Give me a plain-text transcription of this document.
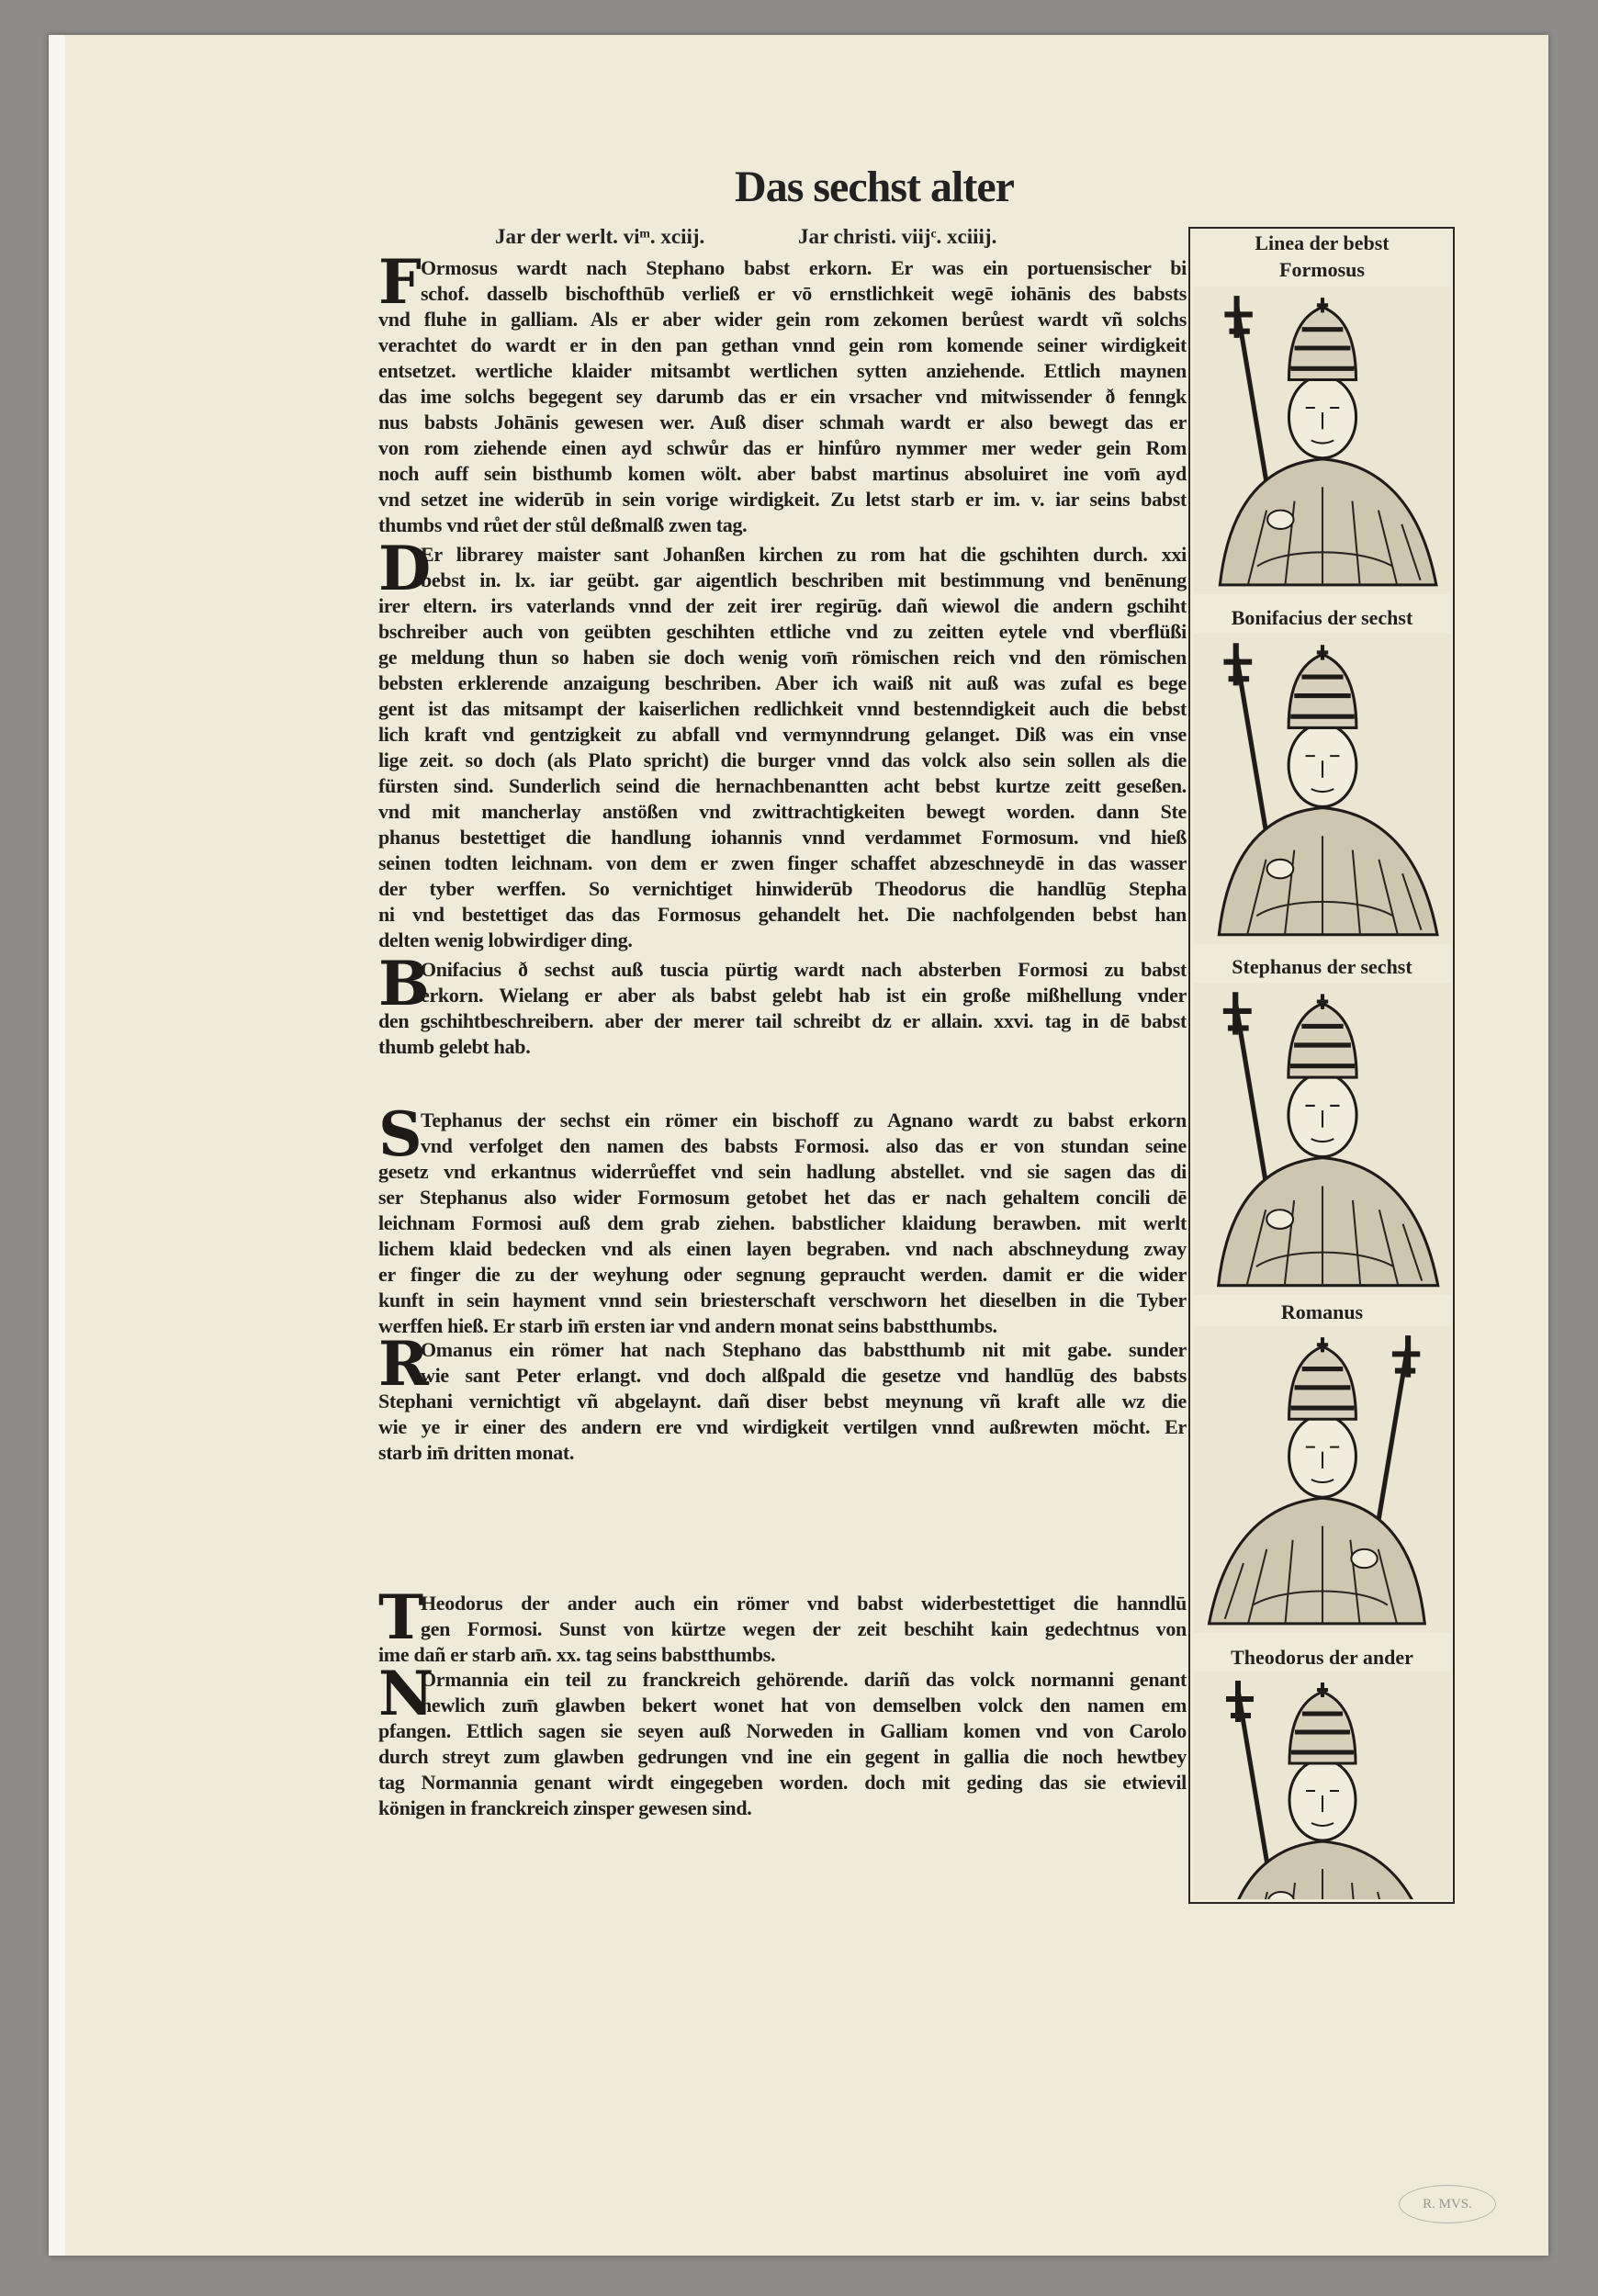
Das sechst alter
Jar der werlt. viᵐ. xciij.	Jar christi. viijᶜ. xciiij.
F Ormosus wardt nach Stephano babst erkorn. Er was ein portuensischer bi
schof. dasselb bischofthūb verließ er vō ernstlichkeit wegē iohānis des babsts
vnd fluhe in galliam. Als er aber wider gein rom zekomen berůest wardt vñ solchs
verachtet do wardt er in den pan gethan vnnd gein rom komende seiner wirdigkeit
entsetzet. wertliche klaider mitsambt wertlichen sytten anziehende. Ettlich maynen
das ime solchs begegent sey darumb das er ein vrsacher vnd mitwissender ð fenngk
nus babsts Johānis gewesen wer. Auß diser schmah wardt er also bewegt das er
von rom ziehende einen ayd schwůr das er hinfůro nymmer mer weder gein Rom
noch auff sein bisthumb komen wölt. aber babst martinus absoluiret ine vom̄ ayd
vnd setzet ine widerūb in sein vorige wirdigkeit. Zu letst starb er im. v. iar seins babst
thumbs vnd růet der stůl deßmalß zwen tag.
D
Er librarey maister sant Johanßen kirchen zu rom hat die gschihten durch. xxi
bebst in. lx. iar geübt. gar aigentlich beschriben mit bestimmung vnd benēnung
irer eltern. irs vaterlands vnnd der zeit irer regirūg. dañ wiewol die andern gschiht
bschreiber auch von geübten geschihten ettliche vnd zu zeitten eytele vnd vberflüßi
ge meldung thun so haben sie doch wenig vom̄ römischen reich vnd den römischen
bebsten erklerende anzaigung beschriben. Aber ich waiß nit auß was zufal es bege
gent ist das mitsampt der kaiserlichen redlichkeit vnnd bestenndigkeit auch die bebst
lich kraft vnd gentzigkeit zu abfall vnd vermynndrung gelanget. Diß was ein vnse
lige zeit. so doch (als Plato spricht) die burger vnnd das volck also sein sollen als die
fürsten sind. Sunderlich seind die hernachbenantten acht bebst kurtze zeitt geseßen.
vnd mit mancherlay anstößen vnd zwittrachtigkeiten bewegt worden. dann Ste
phanus bestettiget die handlung iohannis vnnd verdammet Formosum. vnd hieß
seinen todten leichnam. von dem er zwen finger schaffet abzeschneydē in das wasser
der tyber werffen. So vernichtiget hinwiderūb Theodorus die handlūg Stepha
ni vnd bestettiget das das Formosus gehandelt het. Die nachfolgenden bebst han
delten wenig lobwirdiger ding.
B
Onifacius ð sechst auß tuscia pürtig wardt nach absterben Formosi zu babst
erkorn. Wielang er aber als babst gelebt hab ist ein große mißhellung vnder
den gschihtbeschreibern. aber der merer tail schreibt dz er allain. xxvi. tag in dē babst
thumb gelebt hab.
S
Tephanus der sechst ein römer ein bischoff zu Agnano wardt zu babst erkorn
vnd verfolget den namen des babsts Formosi. also das er von stundan seine
gesetz vnd erkantnus widerrůeffet vnd sein hadlung abstellet. vnd sie sagen das di
ser Stephanus also wider Formosum getobet het das er nach gehaltem concili dē
leichnam Formosi auß dem grab ziehen. babstlicher klaidung berawben. mit werlt
lichem klaid bedecken vnd als einen layen begraben. vnd nach abschneydung zway
er finger die zu der weyhung oder segnung gepraucht werden. damit er die wider
kunft in sein hayment vnnd sein briesterschaft verschworn het dieselben in die Tyber
werffen hieß. Er starb im̄ ersten iar vnd andern monat seins babstthumbs.
R
Omanus ein römer hat nach Stephano das babstthumb nit mit gabe. sunder
wie sant Peter erlangt. vnd doch alßpald die gesetze vnd handlūg des babsts
Stephani vernichtigt vñ abgelaynt. dañ diser bebst meynung vñ kraft alle wz die
wie ye ir einer des andern ere vnd wirdigkeit vertilgen vnnd außrewten möcht. Er
starb im̄ dritten monat.
T
Heodorus der ander auch ein römer vnd babst widerbestettiget die hanndlū
gen Formosi. Sunst von kürtze wegen der zeit beschiht kain gedechtnus von
ime dañ er starb am̄. xx. tag seins babstthumbs.
N
Ormannia ein teil zu franckreich gehörende. dariñ das volck normanni genant
newlich zum̄ glawben bekert wonet hat von demselben volck den namen em
pfangen. Ettlich sagen sie seyen auß Norweden in Galliam komen vnd von Carolo
durch streyt zum glawben gedrungen vnd ine ein gegent in gallia die noch hewtbey
tag Normannia genant wirdt eingegeben worden. doch mit geding das sie etwievil
königen in franckreich zinsper gewesen sind.
Linea der bebst
Formosus
Bonifacius der sechst
Stephanus der sechst
Romanus
Theodorus der ander
R. MVS.
